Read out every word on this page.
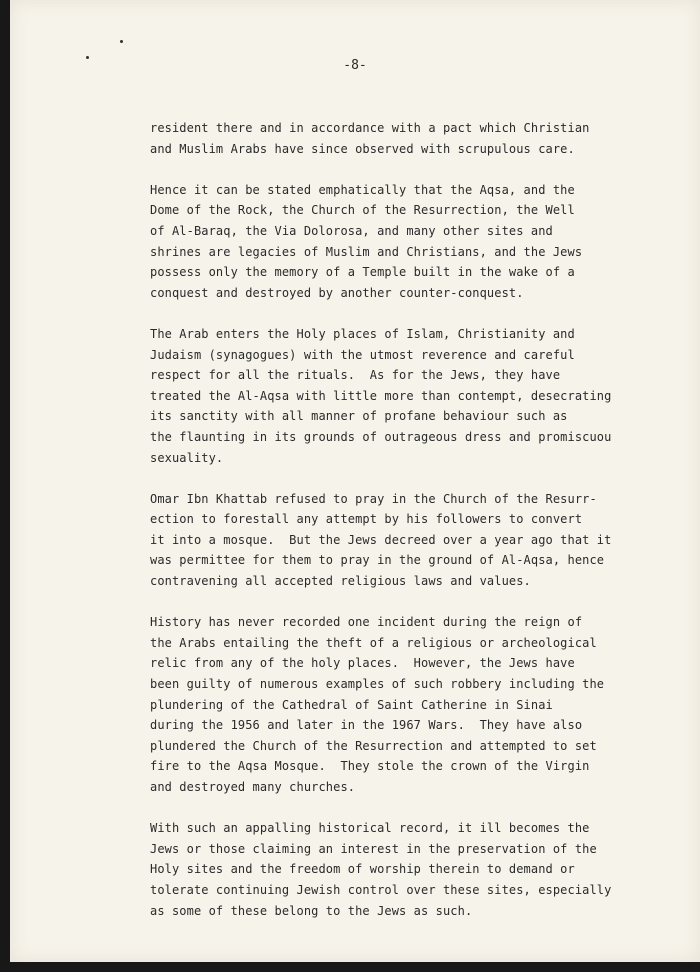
-8-
resident there and in accordance with a pact which Christian
and Muslim Arabs have since observed with scrupulous care.
Hence it can be stated emphatically that the Aqsa, and the
Dome of the Rock, the Church of the Resurrection, the Well
of Al-Baraq, the Via Dolorosa, and many other sites and
shrines are legacies of Muslim and Christians, and the Jews
possess only the memory of a Temple built in the wake of a
conquest and destroyed by another counter-conquest.
The Arab enters the Holy places of Islam, Christianity and
Judaism (synagogues) with the utmost reverence and careful
respect for all the rituals.  As for the Jews, they have
treated the Al-Aqsa with little more than contempt, desecrating
its sanctity with all manner of profane behaviour such as
the flaunting in its grounds of outrageous dress and promiscuou
sexuality.
Omar Ibn Khattab refused to pray in the Church of the Resurr-
ection to forestall any attempt by his followers to convert
it into a mosque.  But the Jews decreed over a year ago that it
was permittee for them to pray in the ground of Al-Aqsa, hence
contravening all accepted religious laws and values.
History has never recorded one incident during the reign of
the Arabs entailing the theft of a religious or archeological
relic from any of the holy places.  However, the Jews have
been guilty of numerous examples of such robbery including the
plundering of the Cathedral of Saint Catherine in Sinai
during the 1956 and later in the 1967 Wars.  They have also
plundered the Church of the Resurrection and attempted to set
fire to the Aqsa Mosque.  They stole the crown of the Virgin
and destroyed many churches.
With such an appalling historical record, it ill becomes the
Jews or those claiming an interest in the preservation of the
Holy sites and the freedom of worship therein to demand or
tolerate continuing Jewish control over these sites, especially
as some of these belong to the Jews as such.
